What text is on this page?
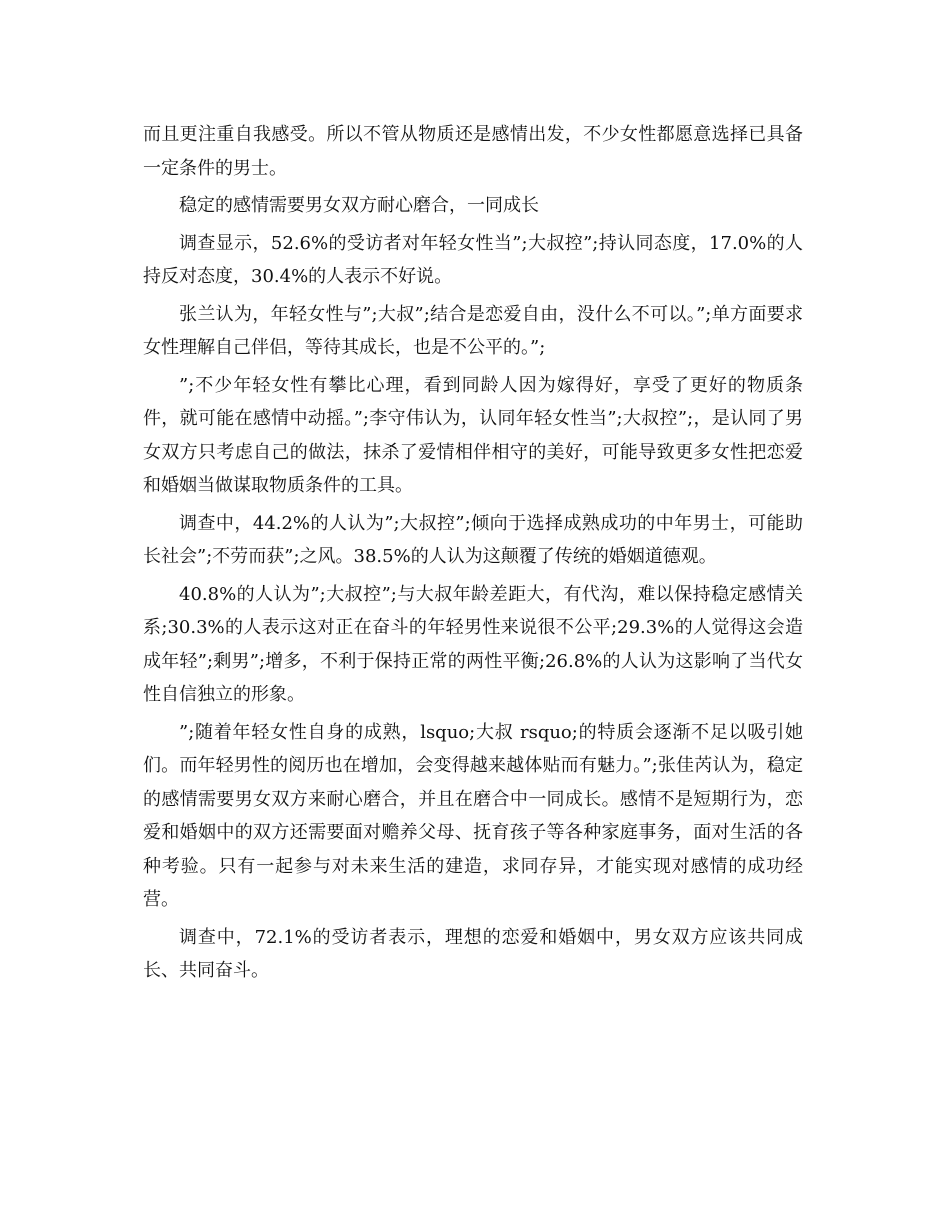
而且更注重自我感受。所以不管从物质还是感情出发，不少女性都愿意选择已具备一定条件的男士。

稳定的感情需要男女双方耐心磨合，一同成长

调查显示，52.6%的受访者对年轻女性当”;大叔控”;持认同态度，17.0%的人持反对态度，30.4%的人表示不好说。

张兰认为，年轻女性与”;大叔”;结合是恋爱自由，没什么不可以。”;单方面要求女性理解自己伴侣，等待其成长，也是不公平的。”;

”;不少年轻女性有攀比心理，看到同龄人因为嫁得好，享受了更好的物质条件，就可能在感情中动摇。”;李守伟认为，认同年轻女性当”;大叔控”;，是认同了男女双方只考虑自己的做法，抹杀了爱情相伴相守的美好，可能导致更多女性把恋爱和婚姻当做谋取物质条件的工具。

调查中，44.2%的人认为”;大叔控”;倾向于选择成熟成功的中年男士，可能助长社会”;不劳而获”;之风。38.5%的人认为这颠覆了传统的婚姻道德观。

40.8%的人认为”;大叔控”;与大叔年龄差距大，有代沟，难以保持稳定感情关系;30.3%的人表示这对正在奋斗的年轻男性来说很不公平;29.3%的人觉得这会造成年轻”;剩男”;增多，不利于保持正常的两性平衡;26.8%的人认为这影响了当代女性自信独立的形象。

”;随着年轻女性自身的成熟，lsquo;大叔 rsquo;的特质会逐渐不足以吸引她们。而年轻男性的阅历也在增加，会变得越来越体贴而有魅力。”;张佳芮认为，稳定的感情需要男女双方来耐心磨合，并且在磨合中一同成长。感情不是短期行为，恋爱和婚姻中的双方还需要面对赡养父母、抚育孩子等各种家庭事务，面对生活的各种考验。只有一起参与对未来生活的建造，求同存异，才能实现对感情的成功经营。

调查中，72.1%的受访者表示，理想的恋爱和婚姻中，男女双方应该共同成长、共同奋斗。
